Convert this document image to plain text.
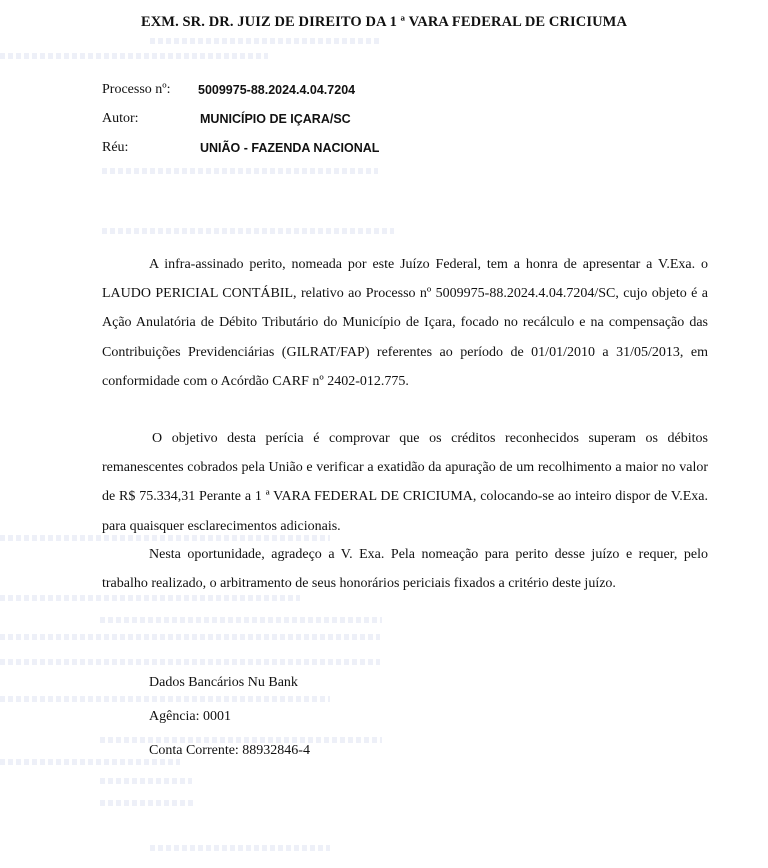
EXM. SR. DR. JUIZ DE DIREITO DA 1 ª VARA FEDERAL DE CRICIUMA
Processo nº: 5009975-88.2024.4.04.7204
Autor:	MUNICÍPIO DE IÇARA/SC
Réu:	UNIÃO - FAZENDA NACIONAL

A infra-assinado perito, nomeada por este Juízo Federal, tem a honra de apresentar a V.Exa. o LAUDO PERICIAL CONTÁBIL, relativo ao Processo nº 5009975-88.2024.4.04.7204/SC, cujo objeto é a Ação Anulatória de Débito Tributário do Município de Içara, focado no recálculo e na compensação das Contribuições Previdenciárias (GILRAT/FAP) referentes ao período de 01/01/2010 a 31/05/2013, em conformidade com o Acórdão CARF nº 2402-012.775.

O objetivo desta perícia é comprovar que os créditos reconhecidos superam os débitos remanescentes cobrados pela União e verificar a exatidão da apuração de um recolhimento a maior no valor de R$ 75.334,31 Perante a 1 ª VARA FEDERAL DE CRICIUMA, colocando-se ao inteiro dispor de V.Exa. para quaisquer esclarecimentos adicionais.

Nesta oportunidade, agradeço a V. Exa. Pela nomeação para perito desse juízo e requer, pelo trabalho realizado, o arbitramento de seus honorários periciais fixados a critério deste juízo.

Dados Bancários Nu Bank
Agência: 0001
Conta Corrente: 88932846-4
